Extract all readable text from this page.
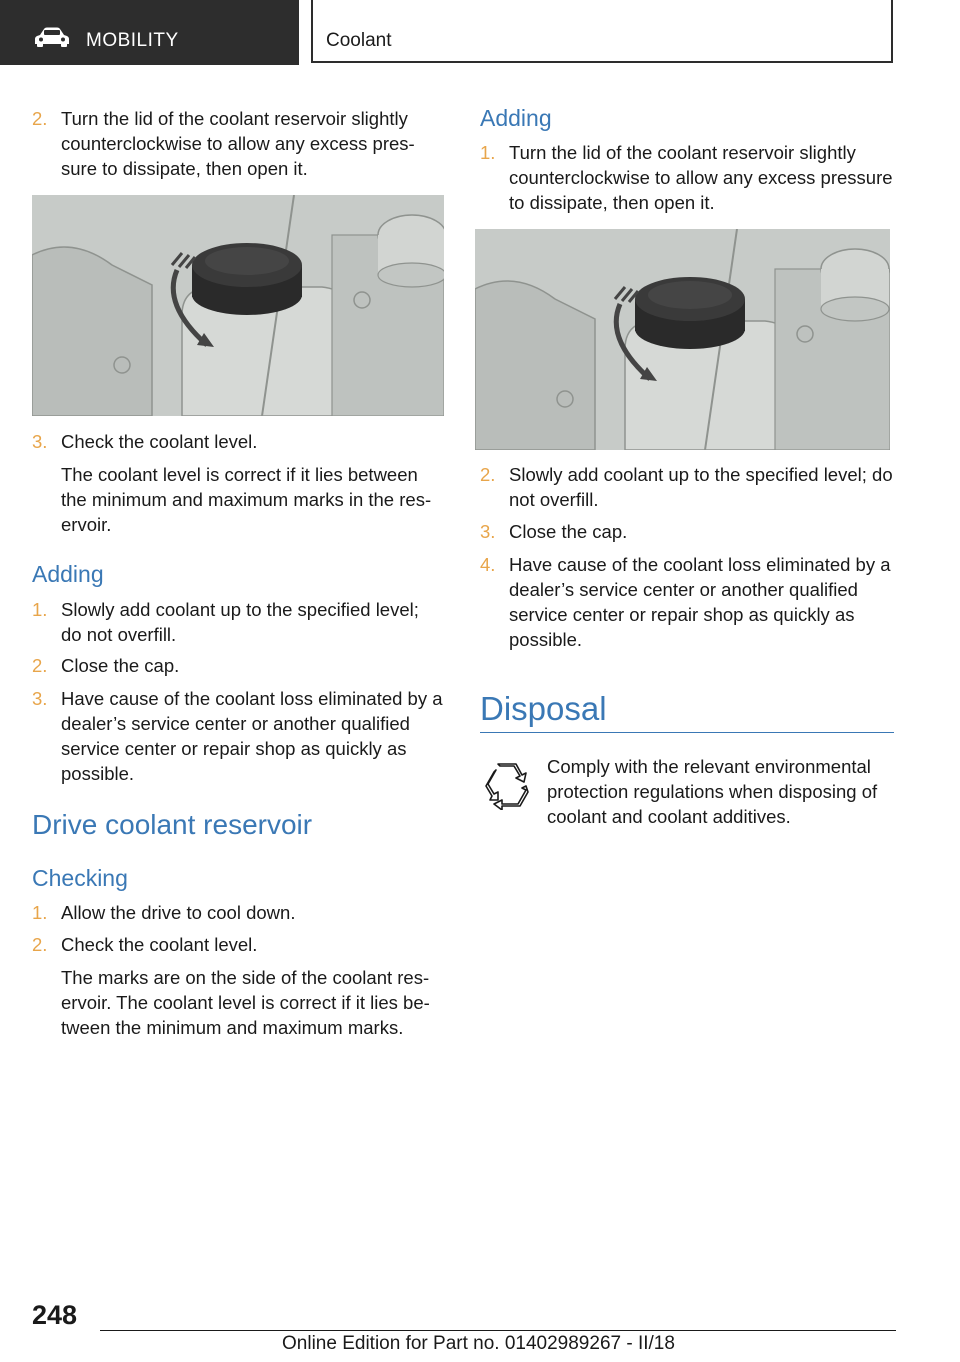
MOBILITY	Coolant
2. Turn the lid of the coolant reservoir slightly counterclockwise to allow any excess pressure to dissipate, then open it.
3. Check the coolant level.
The coolant level is correct if it lies between the minimum and maximum marks in the reservoir.
Adding
1. Slowly add coolant up to the specified level; do not overfill.
2. Close the cap.
3. Have cause of the coolant loss eliminated by a dealer’s service center or another qualified service center or repair shop as quickly as possible.
Drive coolant reservoir
Checking
1. Allow the drive to cool down.
2. Check the coolant level.
The marks are on the side of the coolant reservoir. The coolant level is correct if it lies between the minimum and maximum marks.
Adding
1. Turn the lid of the coolant reservoir slightly counterclockwise to allow any excess pressure to dissipate, then open it.
2. Slowly add coolant up to the specified level; do not overfill.
3. Close the cap.
4. Have cause of the coolant loss eliminated by a dealer’s service center or another qualified service center or repair shop as quickly as possible.
Disposal
Comply with the relevant environmental protection regulations when disposing of coolant and coolant additives.
248
Online Edition for Part no. 01402989267 - II/18
